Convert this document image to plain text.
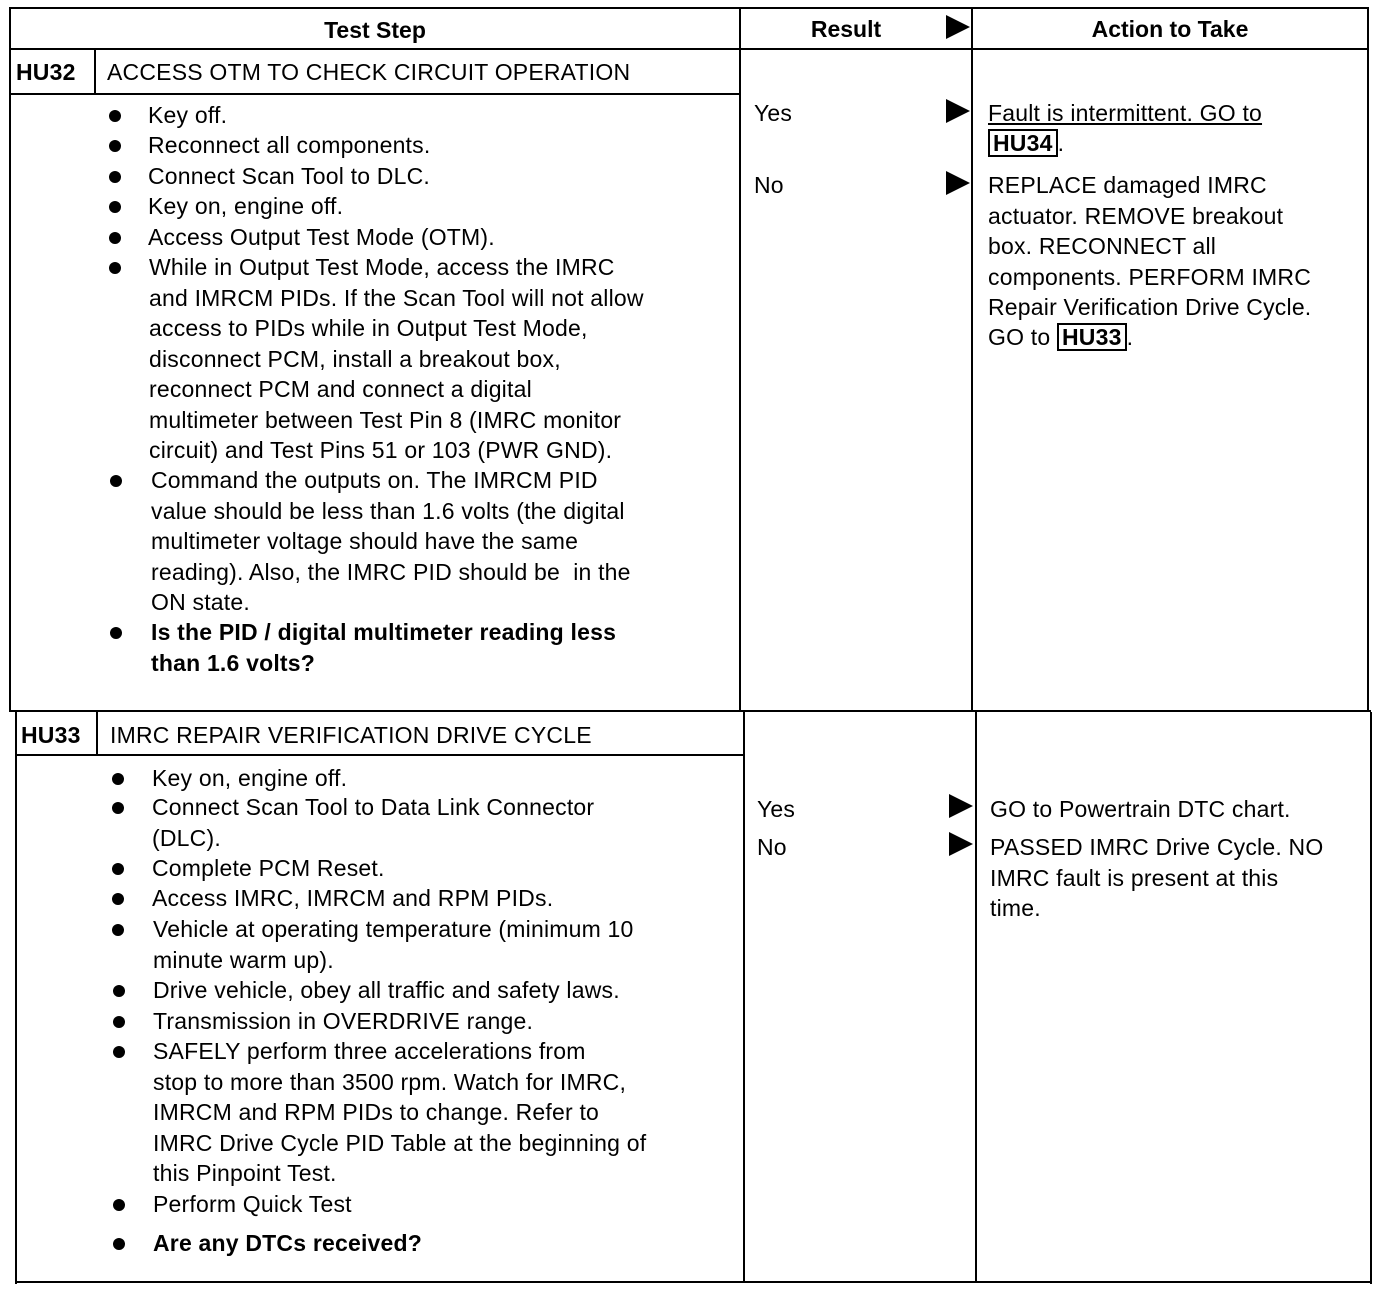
Test Step	Result	Action to Take
HU32 ACCESS OTM TO CHECK CIRCUIT OPERATION
Key off.
Reconnect all components.
Connect Scan Tool to DLC.
Key on, engine off.
Access Output Test Mode (OTM).
While in Output Test Mode, access the IMRC
and IMRCM PIDs. If the Scan Tool will not allow
access to PIDs while in Output Test Mode,
disconnect PCM, install a breakout box,
reconnect PCM and connect a digital
multimeter between Test Pin 8 (IMRC monitor
circuit) and Test Pins 51 or 103 (PWR GND).
Command the outputs on. The IMRCM PID
value should be less than 1.6 volts (the digital
multimeter voltage should have the same
reading). Also, the IMRC PID should be  in the
ON state.
Is the PID / digital multimeter reading less
than 1.6 volts?
Yes
No
Fault is intermittent. GO to
HU34 .
REPLACE damaged IMRC
actuator. REMOVE breakout
box. RECONNECT all
components. PERFORM IMRC
Repair Verification Drive Cycle.
GO to HU33 .
HU33 IMRC REPAIR VERIFICATION DRIVE CYCLE
Key on, engine off.
Connect Scan Tool to Data Link Connector
(DLC).
Complete PCM Reset.
Access IMRC, IMRCM and RPM PIDs.
Vehicle at operating temperature (minimum 10
minute warm up).
Drive vehicle, obey all traffic and safety laws.
Transmission in OVERDRIVE range.
SAFELY perform three accelerations from
stop to more than 3500 rpm. Watch for IMRC,
IMRCM and RPM PIDs to change. Refer to
IMRC Drive Cycle PID Table at the beginning of
this Pinpoint Test.
Perform Quick Test
Are any DTCs received?
Yes
No
GO to Powertrain DTC chart.
PASSED IMRC Drive Cycle. NO
IMRC fault is present at this
time.
